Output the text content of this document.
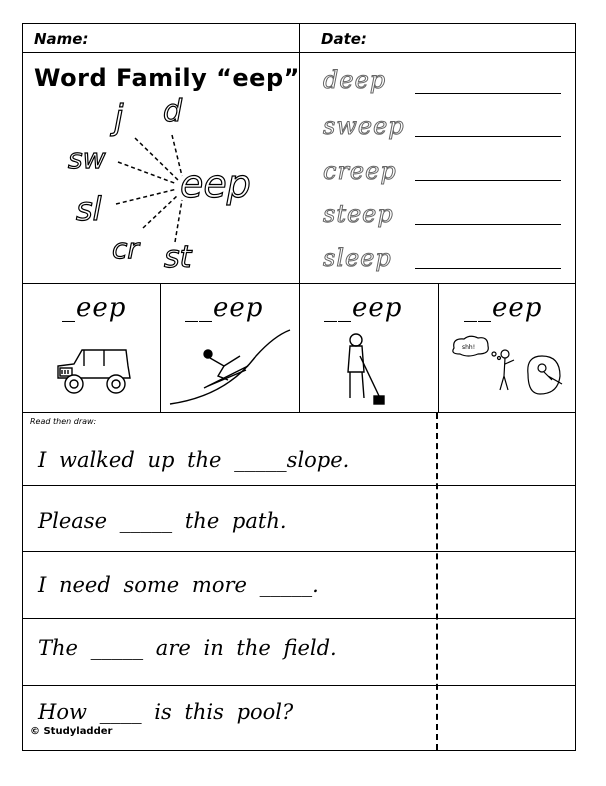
Name:	Date:
Word Family “eep”
j d
sw
sl
cr st
eep
deep
sweep
creep
steep
sleep
_eep __eep __eep __eep
shh!
Read then draw:
I walked up the _____slope.
Please _____ the path.
I need some more _____.
The _____ are in the field.
How ____ is this pool?
© Studyladder
